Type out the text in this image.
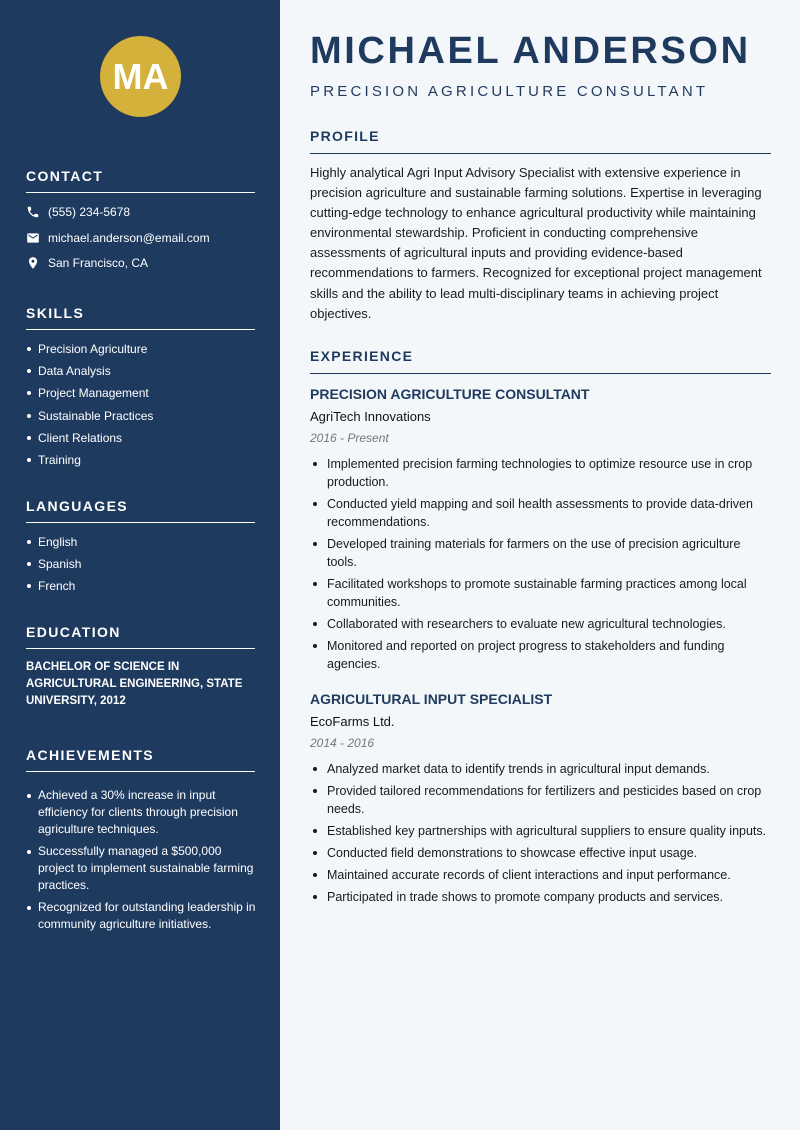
MA
CONTACT
(555) 234-5678
michael.anderson@email.com
San Francisco, CA
SKILLS
Precision Agriculture
Data Analysis
Project Management
Sustainable Practices
Client Relations
Training
LANGUAGES
English
Spanish
French
EDUCATION
BACHELOR OF SCIENCE IN AGRICULTURAL ENGINEERING, STATE UNIVERSITY, 2012
ACHIEVEMENTS
Achieved a 30% increase in input efficiency for clients through precision agriculture techniques.
Successfully managed a $500,000 project to implement sustainable farming practices.
Recognized for outstanding leadership in community agriculture initiatives.
MICHAEL ANDERSON
PRECISION AGRICULTURE CONSULTANT
PROFILE
Highly analytical Agri Input Advisory Specialist with extensive experience in precision agriculture and sustainable farming solutions. Expertise in leveraging cutting-edge technology to enhance agricultural productivity while maintaining environmental stewardship. Proficient in conducting comprehensive assessments of agricultural inputs and providing evidence-based recommendations to farmers. Recognized for exceptional project management skills and the ability to lead multi-disciplinary teams in achieving project objectives.
EXPERIENCE
PRECISION AGRICULTURE CONSULTANT
AgriTech Innovations
2016 - Present
Implemented precision farming technologies to optimize resource use in crop production.
Conducted yield mapping and soil health assessments to provide data-driven recommendations.
Developed training materials for farmers on the use of precision agriculture tools.
Facilitated workshops to promote sustainable farming practices among local communities.
Collaborated with researchers to evaluate new agricultural technologies.
Monitored and reported on project progress to stakeholders and funding agencies.
AGRICULTURAL INPUT SPECIALIST
EcoFarms Ltd.
2014 - 2016
Analyzed market data to identify trends in agricultural input demands.
Provided tailored recommendations for fertilizers and pesticides based on crop needs.
Established key partnerships with agricultural suppliers to ensure quality inputs.
Conducted field demonstrations to showcase effective input usage.
Maintained accurate records of client interactions and input performance.
Participated in trade shows to promote company products and services.
